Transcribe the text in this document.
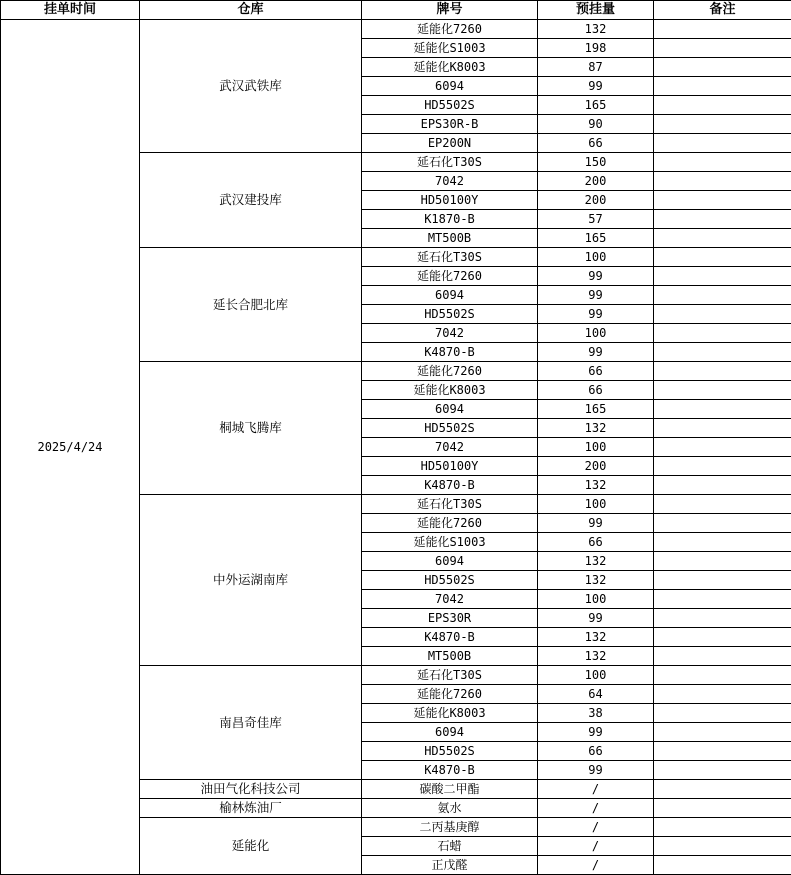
挂单时间	仓库	牌号	预挂量	备注
2025/4/24	武汉武铁库	延能化7260	132	
		延能化S1003	198	
		延能化K8003	87	
		6094	99	
		HD5502S	165	
		EPS30R-B	90	
		EP200N	66	
	武汉建投库	延石化T30S	150	
		7042	200	
		HD50100Y	200	
		K1870-B	57	
		MT500B	165	
	延长合肥北库	延石化T30S	100	
		延能化7260	99	
		6094	99	
		HD5502S	99	
		7042	100	
		K4870-B	99	
	桐城飞腾库	延能化7260	66	
		延能化K8003	66	
		6094	165	
		HD5502S	132	
		7042	100	
		HD50100Y	200	
		K4870-B	132	
	中外运湖南库	延石化T30S	100	
		延能化7260	99	
		延能化S1003	66	
		6094	132	
		HD5502S	132	
		7042	100	
		EPS30R	99	
		K4870-B	132	
		MT500B	132	
	南昌奇佳库	延石化T30S	100	
		延能化7260	64	
		延能化K8003	38	
		6094	99	
		HD5502S	66	
		K4870-B	99	
	油田气化科技公司	碳酸二甲酯	/	
	榆林炼油厂	氨水	/	
	延能化	二丙基庚醇	/	
		石蜡	/	
		正戊醛	/	
